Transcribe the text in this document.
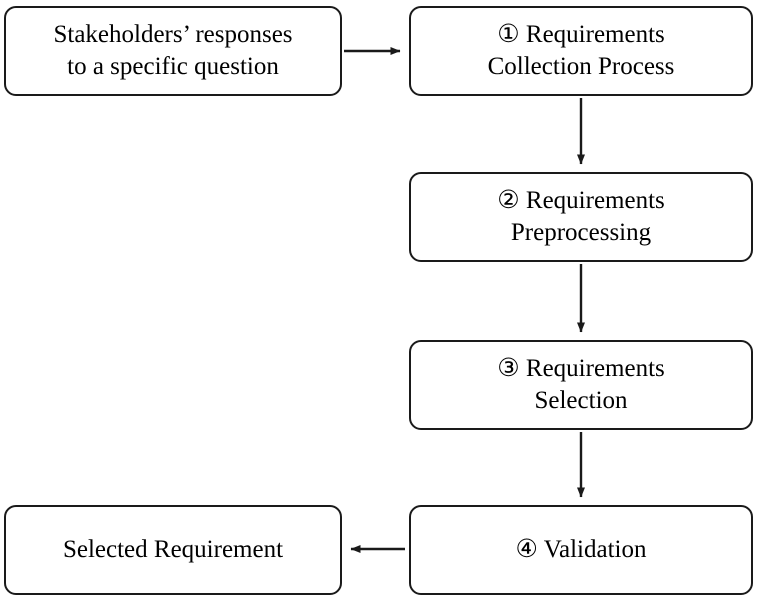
Stakeholders’ responses
to a specific question
① Requirements
Collection Process
② Requirements
Preprocessing
③ Requirements
Selection
④ Validation
Selected Requirement
